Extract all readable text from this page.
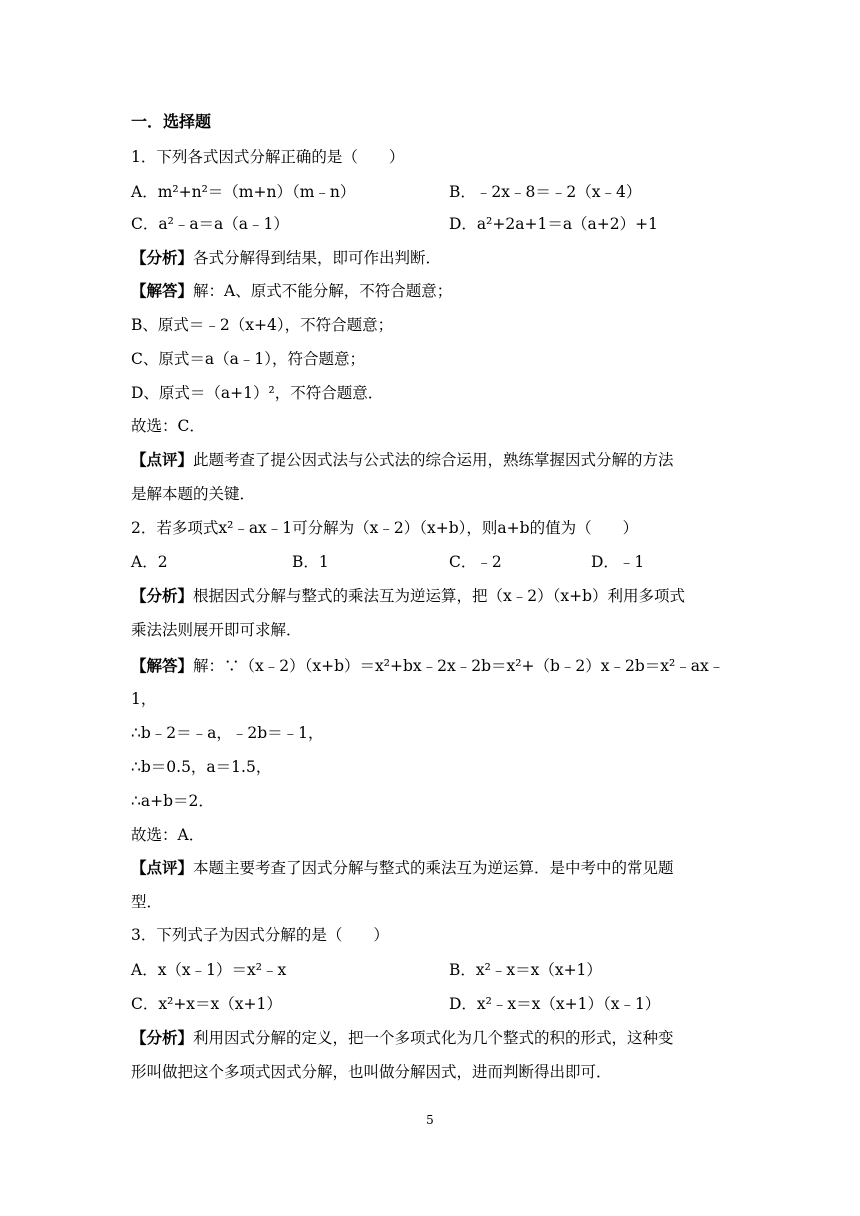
一．选择题
1．下列各式因式分解正确的是（　　）
A．m²+n²＝（m+n）（m﹣n）	B．﹣2x﹣8＝﹣2（x﹣4）
C．a²﹣a＝a（a﹣1）	D．a²+2a+1＝a（a+2）+1
【分析】各式分解得到结果，即可作出判断．
【解答】解：A、原式不能分解，不符合题意；
B、原式＝﹣2（x+4），不符合题意；
C、原式＝a（a﹣1），符合题意；
D、原式＝（a+1）²，不符合题意．
故选：C．
【点评】此题考查了提公因式法与公式法的综合运用，熟练掌握因式分解的方法
是解本题的关键．
2．若多项式x²﹣ax﹣1可分解为（x﹣2）（x+b），则a+b的值为（　　）
A．2	B．1	C．﹣2	D．﹣1
【分析】根据因式分解与整式的乘法互为逆运算，把（x﹣2）（x+b）利用多项式
乘法法则展开即可求解．
【解答】解：∵（x﹣2）（x+b）＝x²+bx﹣2x﹣2b＝x²+（b﹣2）x﹣2b＝x²﹣ax﹣
1，
∴b﹣2＝﹣a，﹣2b＝﹣1，
∴b＝0.5，a＝1.5，
∴a+b＝2．
故选：A．
【点评】本题主要考查了因式分解与整式的乘法互为逆运算．是中考中的常见题
型．
3．下列式子为因式分解的是（　　）
A．x（x﹣1）＝x²﹣x	B．x²﹣x＝x（x+1）
C．x²+x＝x（x+1）	D．x²﹣x＝x（x+1）（x﹣1）
【分析】利用因式分解的定义，把一个多项式化为几个整式的积的形式，这种变
形叫做把这个多项式因式分解，也叫做分解因式，进而判断得出即可．
5
